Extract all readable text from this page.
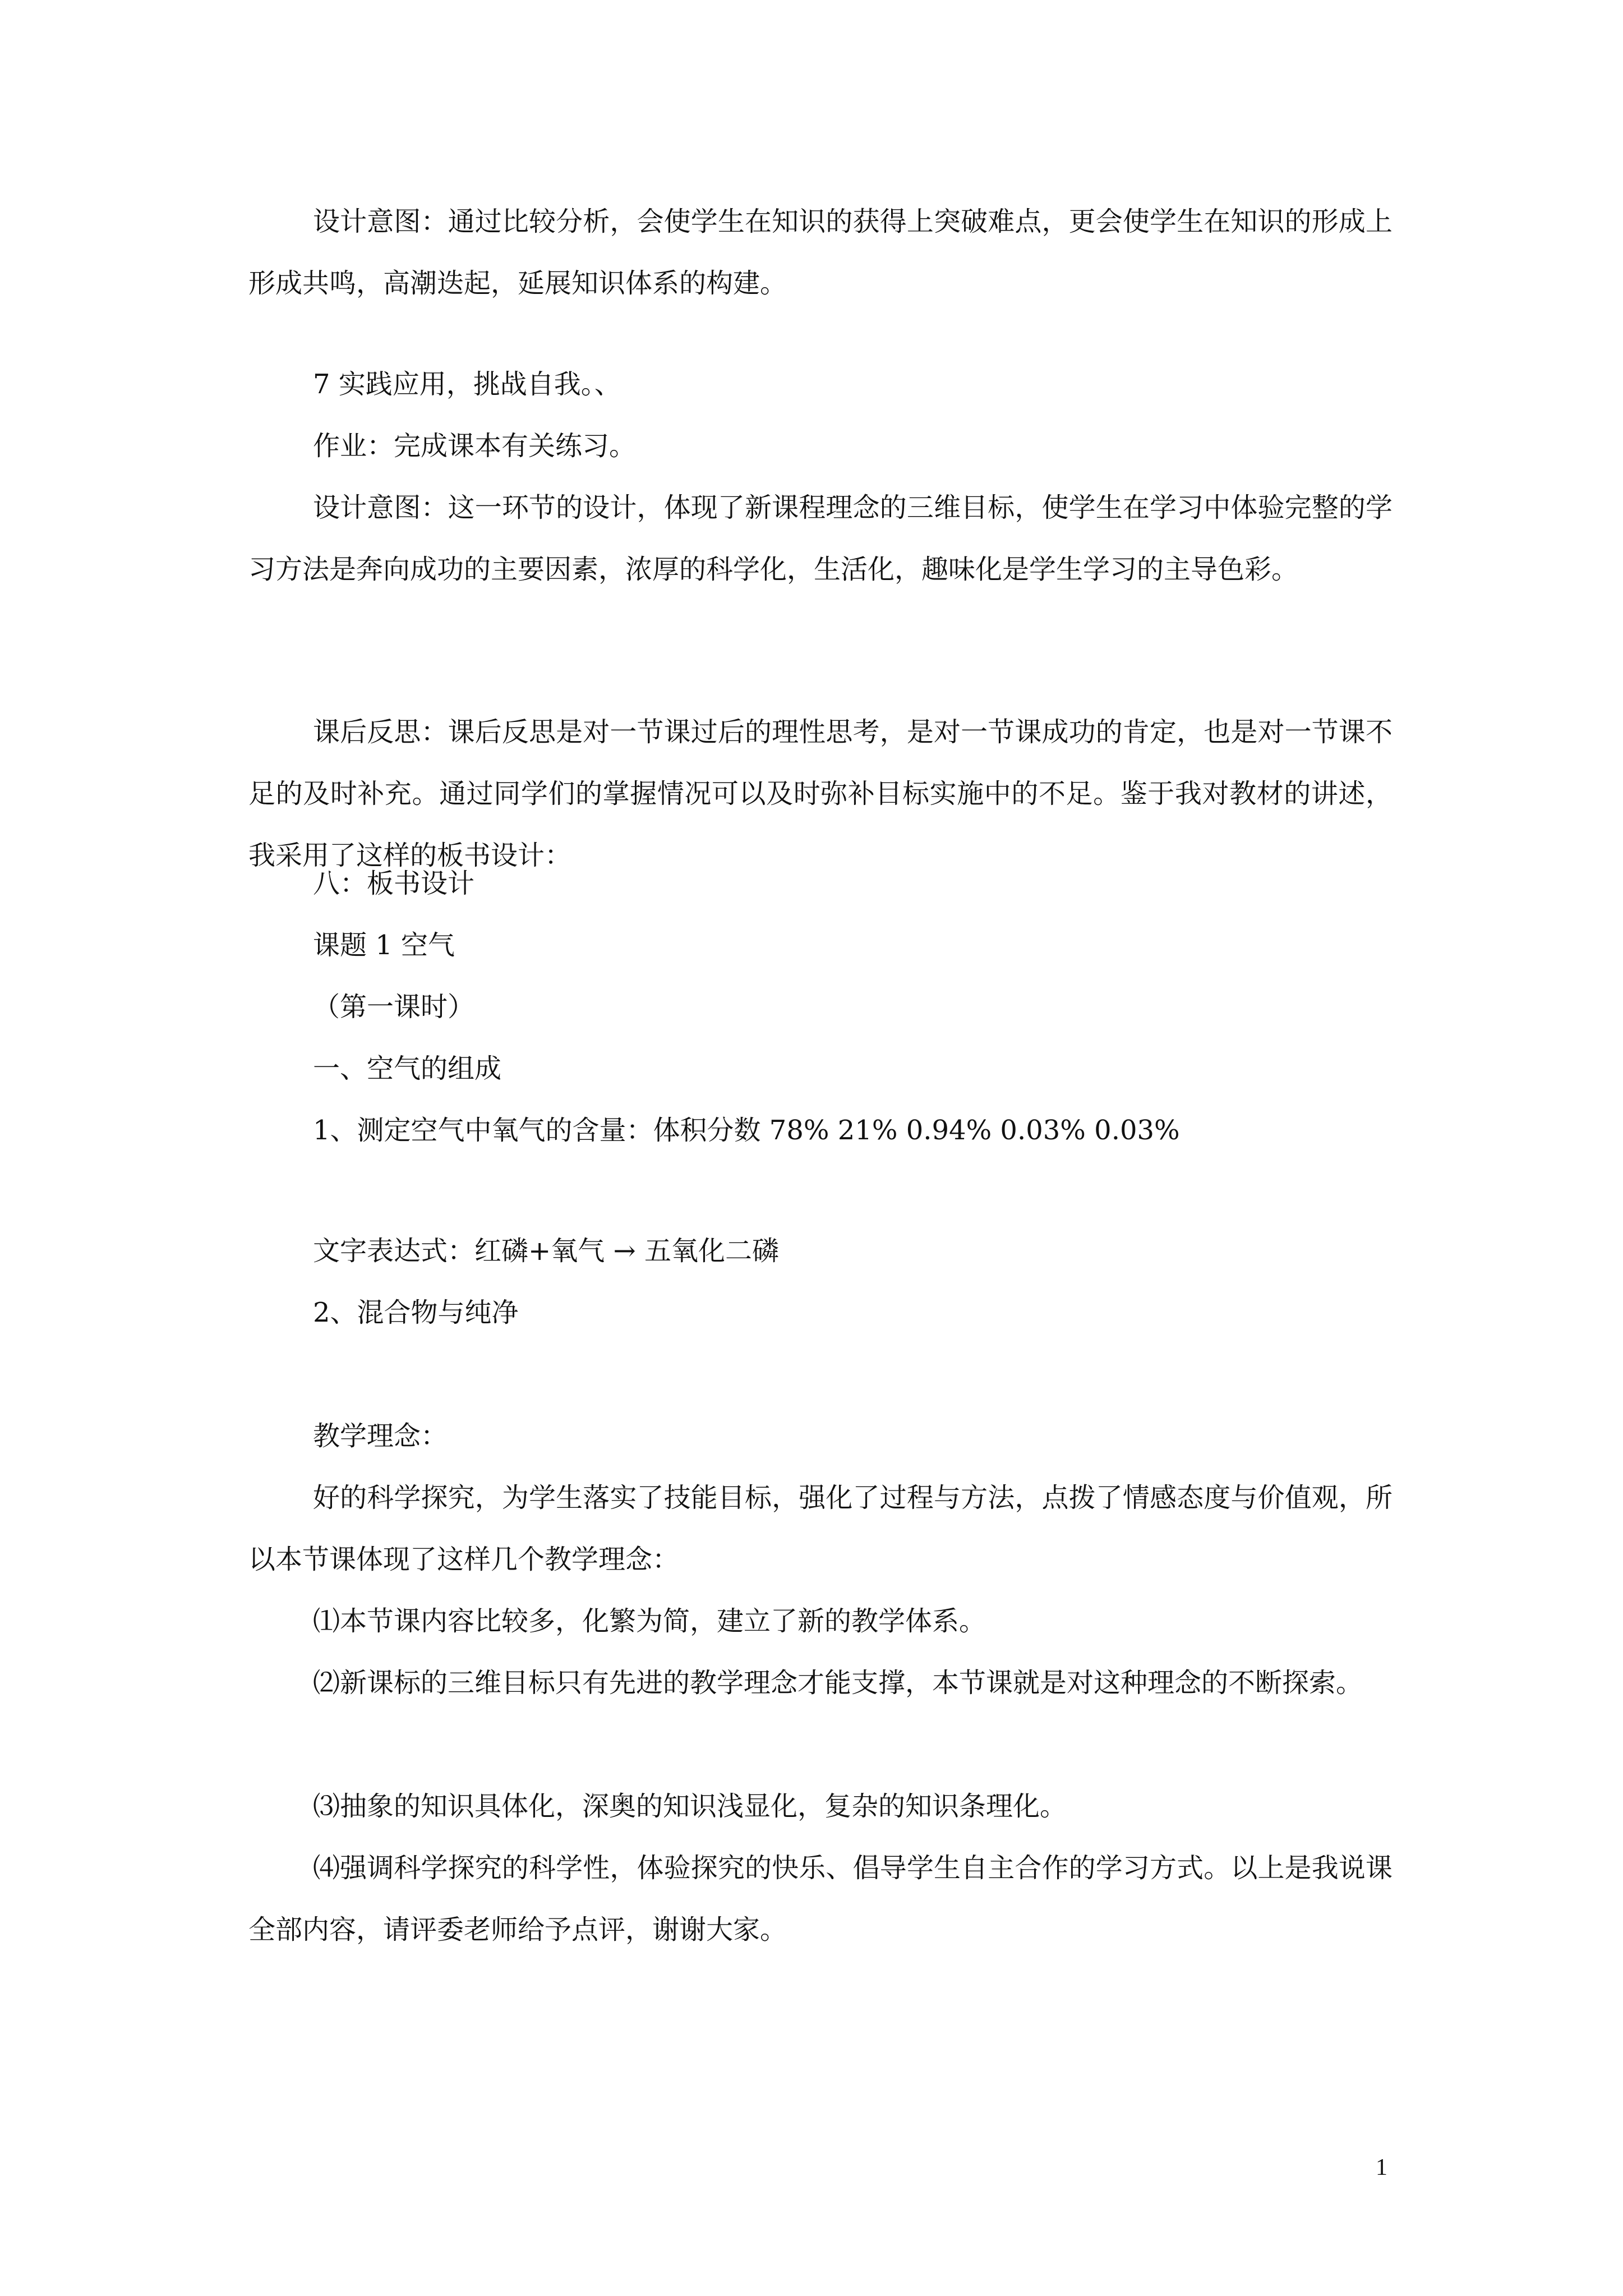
设计意图：通过比较分析，会使学生在知识的获得上突破难点，更会使学生在知识的形成上形成共鸣，高潮迭起，延展知识体系的构建。

7 实践应用，挑战自我。、

作业：完成课本有关练习。

设计意图：这一环节的设计，体现了新课程理念的三维目标，使学生在学习中体验完整的学习方法是奔向成功的主要因素，浓厚的科学化，生活化，趣味化是学生学习的主导色彩。

课后反思：课后反思是对一节课过后的理性思考，是对一节课成功的肯定，也是对一节课不足的及时补充。通过同学们的掌握情况可以及时弥补目标实施中的不足。鉴于我对教材的讲述，我采用了这样的板书设计：

八：板书设计

课题 1 空气

（第一课时）

一、空气的组成

1、测定空气中氧气的含量：体积分数 78% 21% 0.94% 0.03% 0.03%

文字表达式：红磷+氧气 → 五氧化二磷

2、混合物与纯净

教学理念：

好的科学探究，为学生落实了技能目标，强化了过程与方法，点拨了情感态度与价值观，所以本节课体现了这样几个教学理念：

⑴本节课内容比较多，化繁为简，建立了新的教学体系。

⑵新课标的三维目标只有先进的教学理念才能支撑，本节课就是对这种理念的不断探索。

⑶抽象的知识具体化，深奥的知识浅显化，复杂的知识条理化。

⑷强调科学探究的科学性，体验探究的快乐、倡导学生自主合作的学习方式。以上是我说课全部内容，请评委老师给予点评，谢谢大家。

1
